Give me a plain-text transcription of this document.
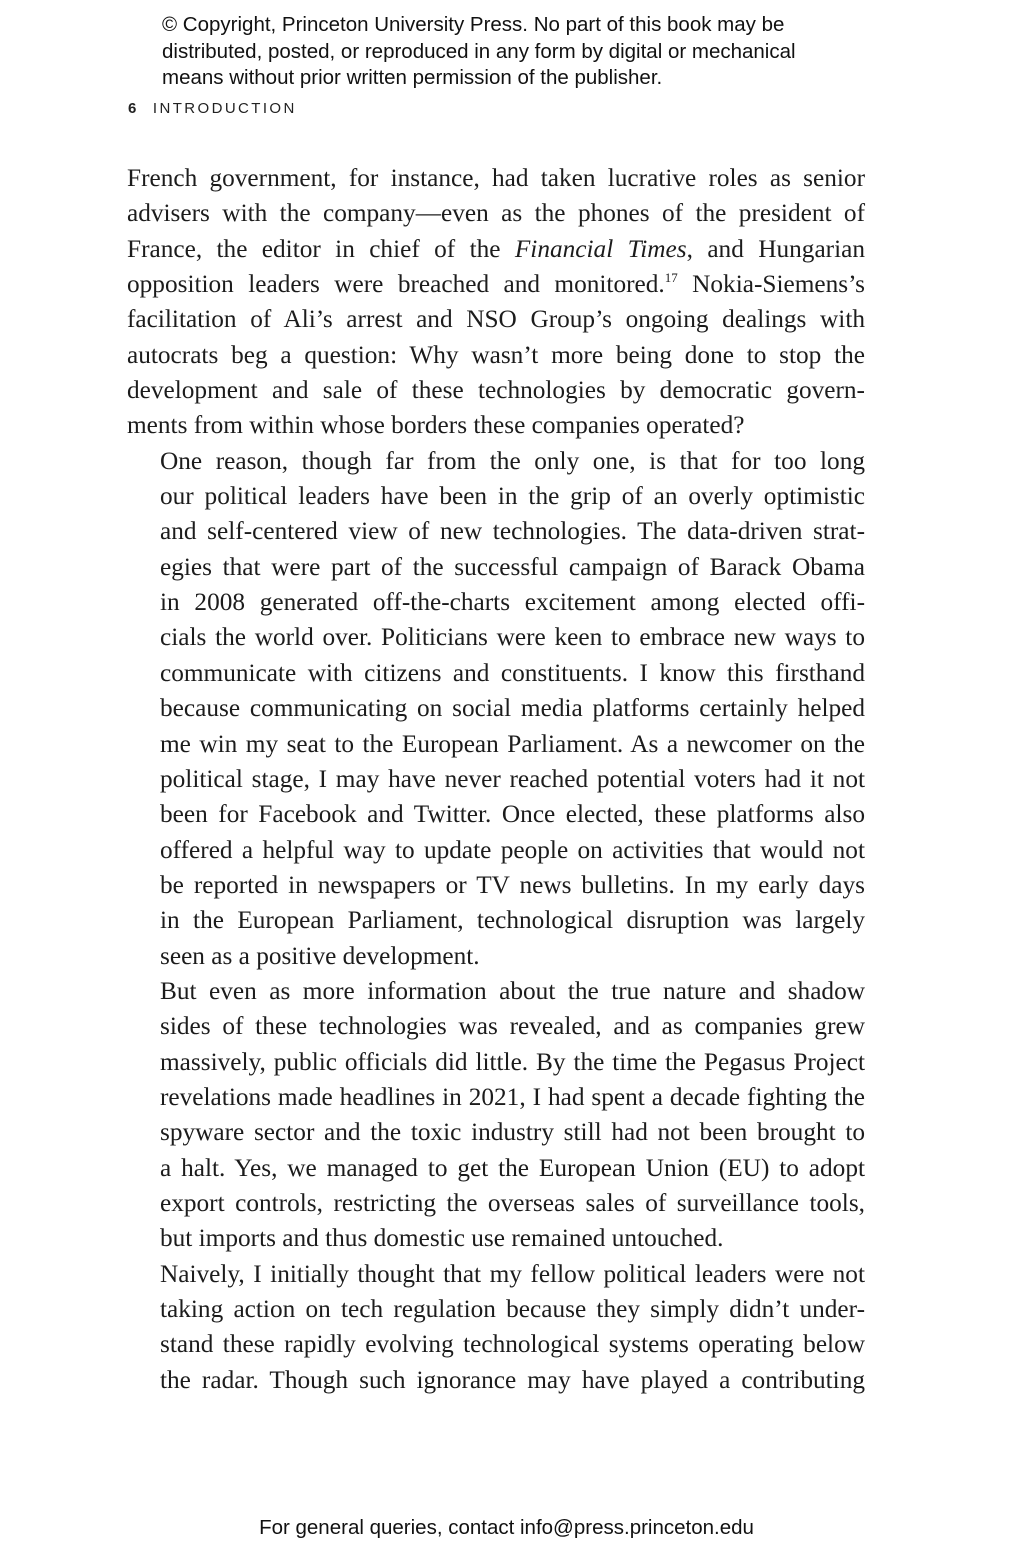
© Copyright, Princeton University Press. No part of this book may be
distributed, posted, or reproduced in any form by digital or mechanical
means without prior written permission of the publisher.
6 INTRODUCTION

French government, for instance, had taken lucrative roles as senior
advisers with the company—even as the phones of the president of
France, the editor in chief of the Financial Times, and Hungarian
opposition leaders were breached and monitored.$^{17}$ Nokia-Siemens’s
facilitation of Ali’s arrest and NSO Group’s ongoing dealings with
autocrats beg a question: Why wasn’t more being done to stop the
development and sale of these technologies by democratic govern-
ments from within whose borders these companies operated?

One reason, though far from the only one, is that for too long
our political leaders have been in the grip of an overly optimistic
and self-centered view of new technologies. The data-driven strat-
egies that were part of the successful campaign of Barack Obama
in 2008 generated off-the-charts excitement among elected offi-
cials the world over. Politicians were keen to embrace new ways to
communicate with citizens and constituents. I know this firsthand
because communicating on social media platforms certainly helped
me win my seat to the European Parliament. As a newcomer on the
political stage, I may have never reached potential voters had it not
been for Facebook and Twitter. Once elected, these platforms also
offered a helpful way to update people on activities that would not
be reported in newspapers or TV news bulletins. In my early days
in the European Parliament, technological disruption was largely
seen as a positive development.

But even as more information about the true nature and shadow
sides of these technologies was revealed, and as companies grew
massively, public officials did little. By the time the Pegasus Project
revelations made headlines in 2021, I had spent a decade fighting the
spyware sector and the toxic industry still had not been brought to
a halt. Yes, we managed to get the European Union (EU) to adopt
export controls, restricting the overseas sales of surveillance tools,
but imports and thus domestic use remained untouched.

Naively, I initially thought that my fellow political leaders were not
taking action on tech regulation because they simply didn’t under-
stand these rapidly evolving technological systems operating below
the radar. Though such ignorance may have played a contributing

For general queries, contact info@press.princeton.edu
